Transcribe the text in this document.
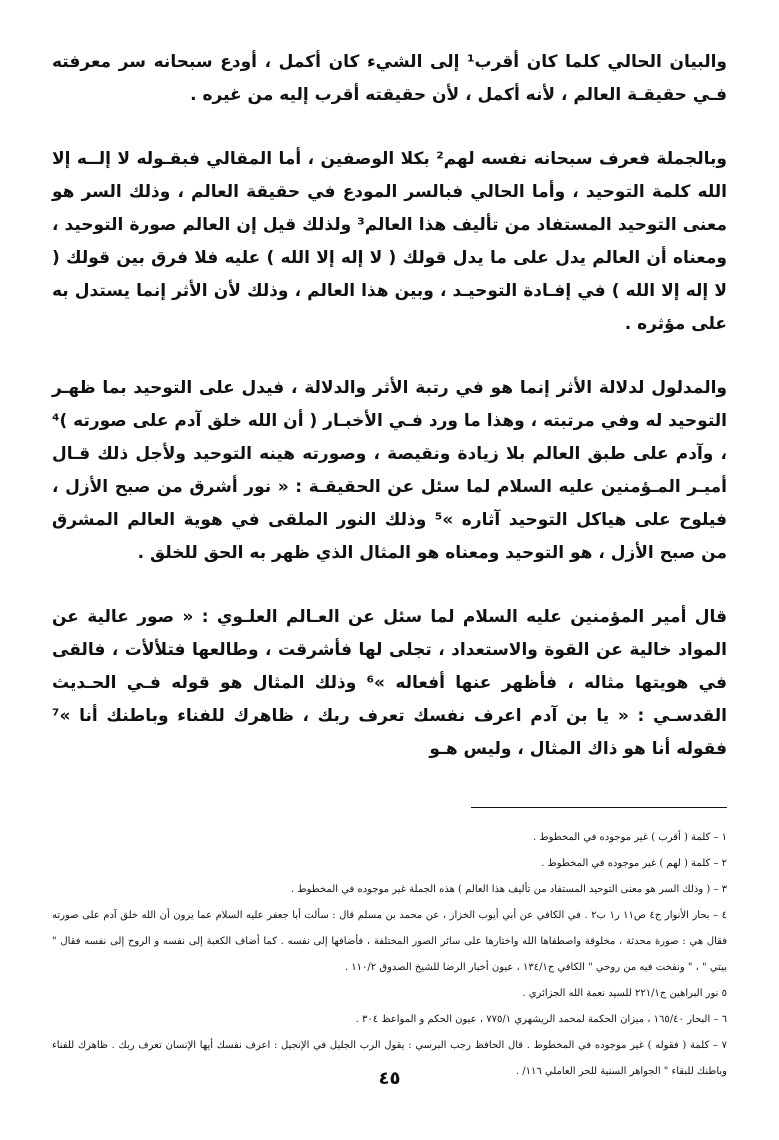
والبيان الحالي كلما كان أقرب¹ إلى الشيء كان أكمل ، أودع سبحانه سر معرفته فـي حقيقـة العالم ، لأنه أكمل ، لأن حقيقته أقرب إليه من غيره .

وبالجملة فعرف سبحانه نفسه لهم² بكلا الوصفين ، أما المقالي فبقـوله لا إلــه إلا الله كلمة التوحيد ، وأما الحالي فبالسر المودع في حقيقة العالم ، وذلك السر هو معنى التوحيد المستفاد من تأليف هذا العالم³ ولذلك قيل إن العالم صورة التوحيد ، ومعناه أن العالم يدل على ما يدل قولك ( لا إله إلا الله ) عليه فلا فرق بين قولك ( لا إله إلا الله ) في إفـادة التوحيـد ، وبين هذا العالم ، وذلك لأن الأثر إنما يستدل به على مؤثره .

والمدلول لدلالة الأثر إنما هو في رتبة الأثر والدلالة ، فيدل على التوحيد بما ظهـر التوحيد له وفي مرتبته ، وهذا ما ورد فـي الأخبـار ( أن الله خلق آدم على صورته )⁴ ، وآدم على طبق العالم بلا زيادة ونقيصة ، وصورته هينه التوحيد ولأجل ذلك قـال أميـر المـؤمنين عليه السلام لما سئل عن الحقيقـة : « نور أشرق من صبح الأزل ، فيلوح على هياكل التوحيد آثاره »⁵ وذلك النور الملقى في هوية العالم المشرق من صبح الأزل ، هو التوحيد ومعناه هو المثال الذي ظهر به الحق للخلق .

قال أمير المؤمنين عليه السلام لما سئل عن العـالم العلـوي : « صور عالية عن المواد خالية عن القوة والاستعداد ، تجلى لها فأشرقت ، وطالعها فتلألأت ، فالقى في هويتها مثاله ، فأظهر عنها أفعاله »⁶ وذلك المثال هو قوله فـي الحـديث القدسـي : « يا بن آدم اعرف نفسك تعرف ربك ، ظاهرك للفناء وباطنك أنا »⁷ فقوله أنا هو ذاك المثال ، وليس هـو

١ – كلمة ( أقرب ) غير موجوده في المخطوط .

٢ – كلمة ( لهم ) غير موجوده في المخطوط .

٣ – ( وذلك السر هو معنى التوحيد المستفاد من تأليف هذا العالم ) هذه الجملة غير موجوده في المخطوط .

٤ – بحار الأنوار ج٤ ص١١ ر١ ب٢ . في الكافي عن أبي أيوب الخزاز ، عن محمد بن مسلم قال : سألت أبا جعفر عليه السلام عما يرون أن الله خلق آدم على صورته فقال هي : صورة محدثة ، مخلوقة واصطفاها الله واختارها على سائر الصور المختلفة ، فأضافها إلى نفسه . كما أضاف الكعبة إلى نفسه و الروح إلى نفسه فقال " بيتي " ، " ونفخت فيه من روحي " الكافي ج١٣٤/١ ، عيون أخبار الرضا للشيخ الصدوق ١١٠/٢ .

٥ نور البراهين ج٢٢١/١ للسيد نعمة الله الجزائري .

٦ – البحار ١٦٥/٤٠ ، ميزان الحكمة لمحمد الريشهري ٧٧٥/١ ، عيون الحكم و المواعظ ٣٠٤ .

٧ – كلمة ( فقوله ) غير موجوده في المخطوط . قال الحافظ رجب البرسي : يقول الرب الجليل في الإنجيل : اعرف نفسك أيها الإنسان تعرف ربك . ظاهرك للفناء وباطنك للبقاء " الجواهر السنية للحر العاملي ١١٦/ .

٤٥
